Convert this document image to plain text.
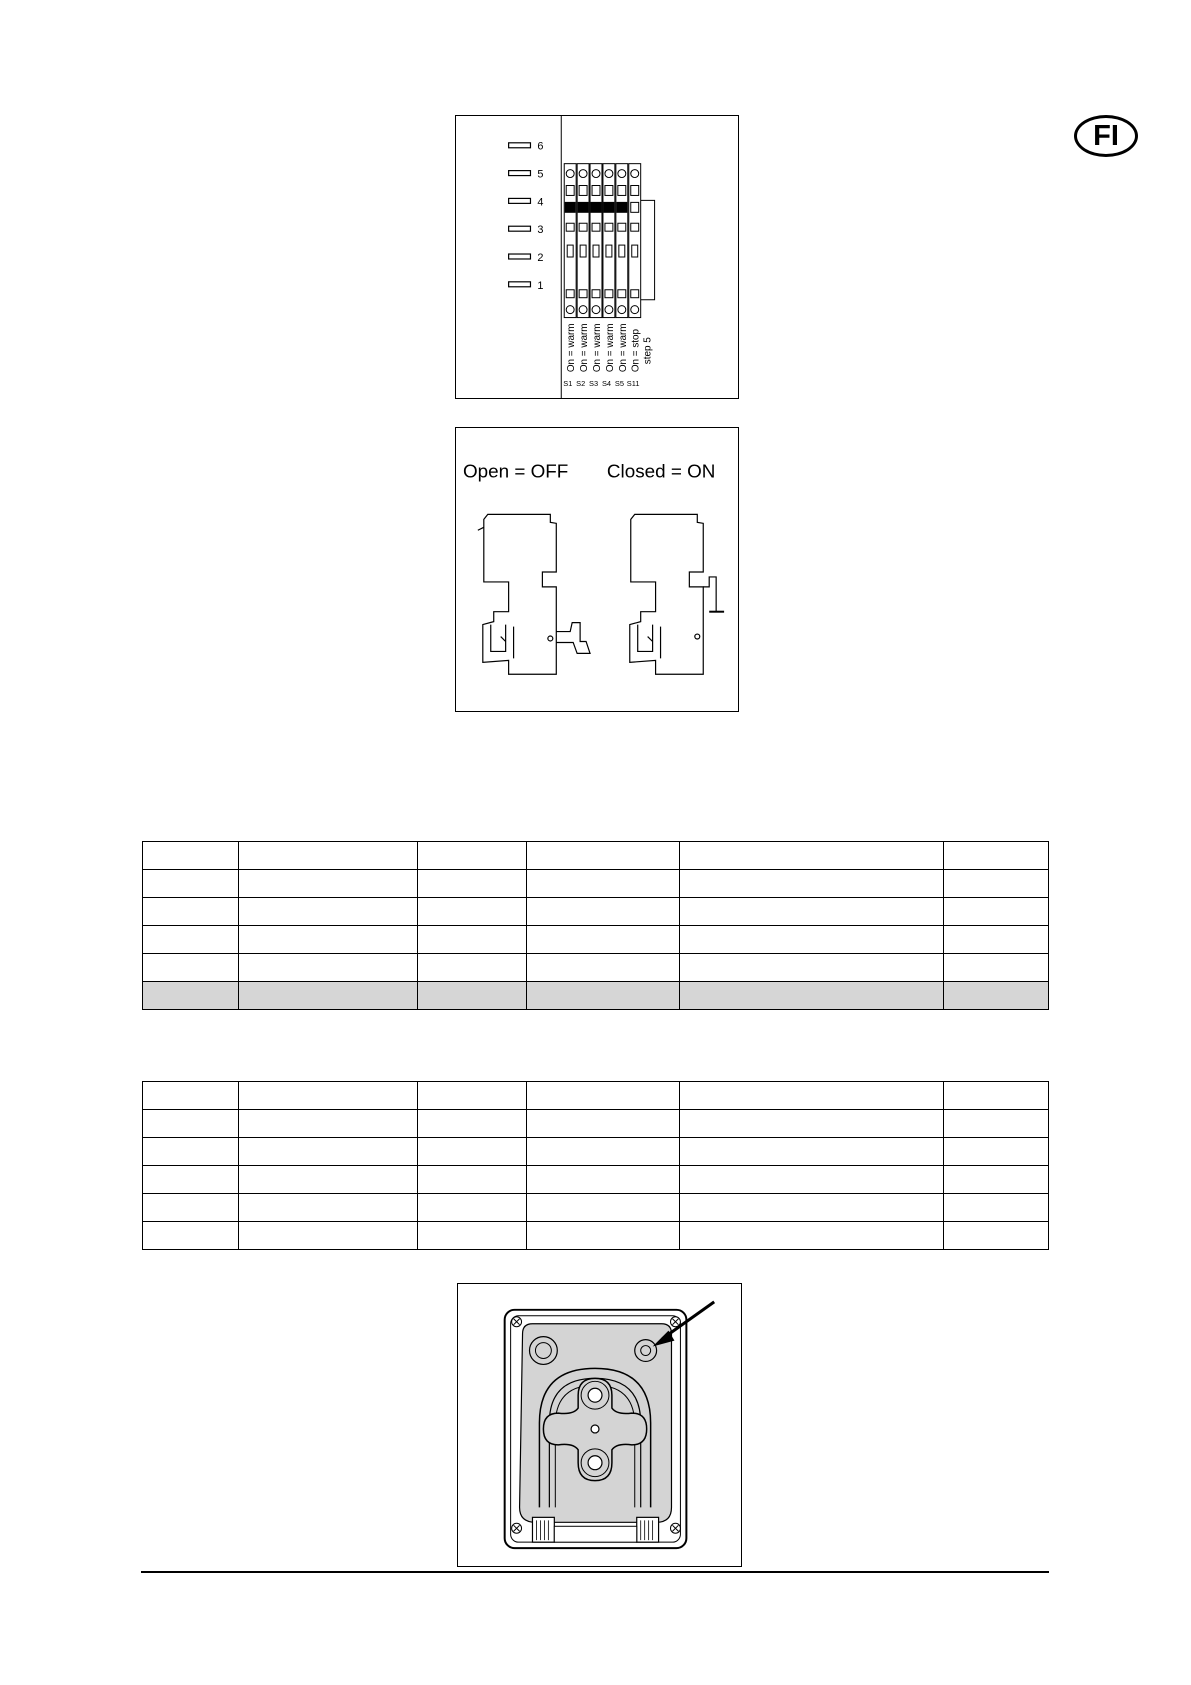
FI
6
5
4
3
2
1
On = warm On = warm On = warm On = warm On = warm On = stop step 5
S1 S2 S3 S4 S5 S11
Open = OFF Closed = ON
